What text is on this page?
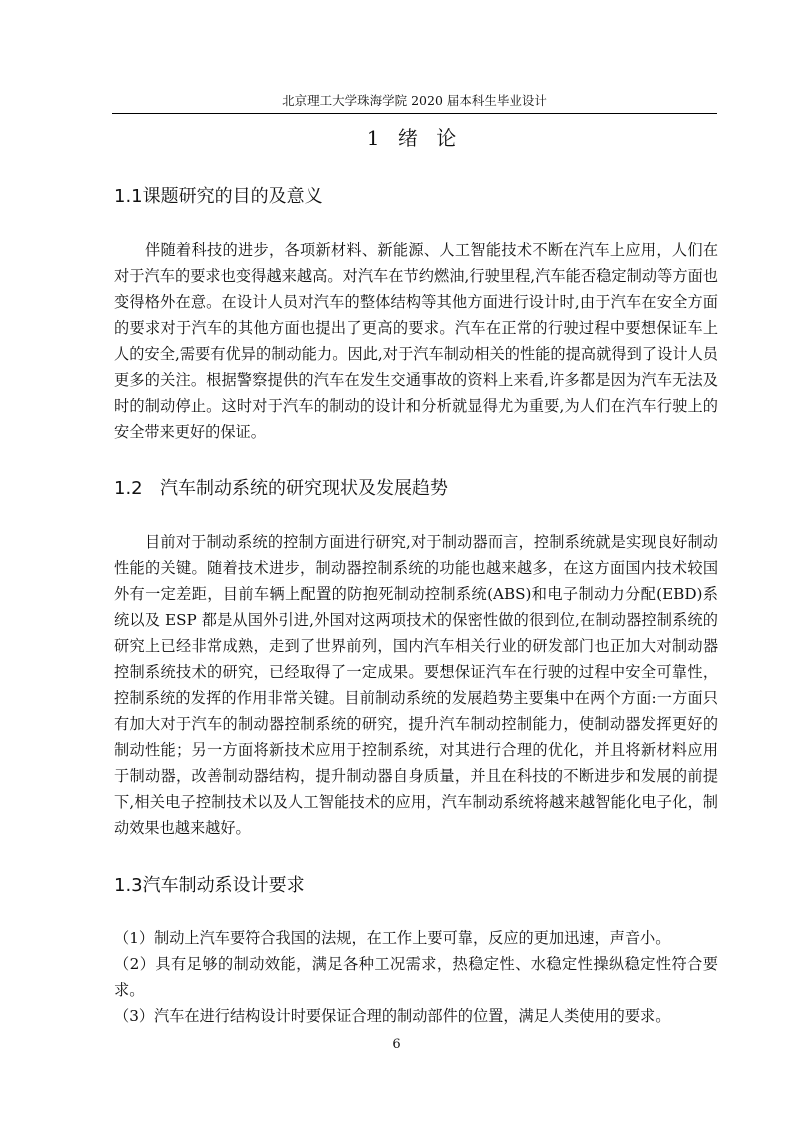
北京理工大学珠海学院 2020 届本科生毕业设计
1 绪 论
1.1课题研究的目的及意义

伴随着科技的进步，各项新材料、新能源、人工智能技术不断在汽车上应用，人们在对于汽车的要求也变得越来越高。对汽车在节约燃油,行驶里程,汽车能否稳定制动等方面也变得格外在意。在设计人员对汽车的整体结构等其他方面进行设计时,由于汽车在安全方面的要求对于汽车的其他方面也提出了更高的要求。汽车在正常的行驶过程中要想保证车上人的安全,需要有优异的制动能力。因此,对于汽车制动相关的性能的提高就得到了设计人员更多的关注。根据警察提供的汽车在发生交通事故的资料上来看,许多都是因为汽车无法及时的制动停止。这时对于汽车的制动的设计和分析就显得尤为重要,为人们在汽车行驶上的安全带来更好的保证。

1.2 汽车制动系统的研究现状及发展趋势

目前对于制动系统的控制方面进行研究,对于制动器而言，控制系统就是实现良好制动性能的关键。随着技术进步，制动器控制系统的功能也越来越多，在这方面国内技术较国外有一定差距，目前车辆上配置的防抱死制动控制系统(ABS)和电子制动力分配(EBD)系统以及 ESP 都是从国外引进,外国对这两项技术的保密性做的很到位,在制动器控制系统的研究上已经非常成熟，走到了世界前列，国内汽车相关行业的研发部门也正加大对制动器控制系统技术的研究，已经取得了一定成果。要想保证汽车在行驶的过程中安全可靠性，控制系统的发挥的作用非常关键。目前制动系统的发展趋势主要集中在两个方面:一方面只有加大对于汽车的制动器控制系统的研究，提升汽车制动控制能力，使制动器发挥更好的制动性能；另一方面将新技术应用于控制系统，对其进行合理的优化，并且将新材料应用于制动器，改善制动器结构，提升制动器自身质量，并且在科技的不断进步和发展的前提下,相关电子控制技术以及人工智能技术的应用，汽车制动系统将越来越智能化电子化，制动效果也越来越好。

1.3汽车制动系设计要求

（1）制动上汽车要符合我国的法规，在工作上要可靠，反应的更加迅速，声音小。

（2）具有足够的制动效能，满足各种工况需求，热稳定性、水稳定性操纵稳定性符合要求。

（3）汽车在进行结构设计时要保证合理的制动部件的位置，满足人类使用的要求。

6
